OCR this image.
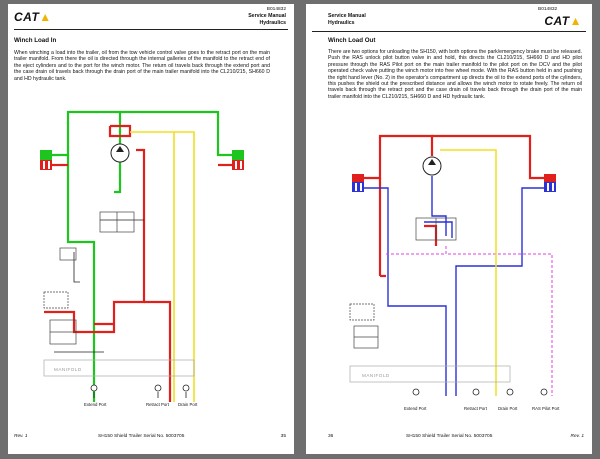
CAT▲
B014832
Service Manual
Hydraulics
Winch Load In
When winching a load into the trailer, oil from the tow vehicle control valve goes to the retract port on the main trailer manifold. From there the oil is directed through the internal galleries of the manifold to the retract end of the eject cylinders and to the port for the winch motor. The return oil travels back through the extend port and the case drain oil travels back through the drain port of the main trailer manifold into the CL210/215, SH660 D and HD hydraulic tank.
MANIFOLD
Extend Port	Retract Port Drain Port
Rev. 1	SH150 Shield Trailer Serial No. 5003705	35
B014832
Service Manual
Hydraulics	CAT▲
Winch Load Out
There are two options for unloading the SH150, with both options the park/emergency brake must be released. Push the RAS unlock pilot button valve in and hold, this directs the CL210/215, SH660 D and HD pilot pressure through the RAS Pilot port on the main trailer manifold to the pilot port on the DCV and the pilot operated check valve putting the winch motor into free wheel mode. With the RAS button held in and pushing the right hand lever (No. 2) in the operator's compartment up directs the oil to the extend ports of the cylinders, this pushes the shield out the prescribed distance and allows the winch motor to rotate freely. The return oil travels back through the retract port and the case drain oil travels back through the drain port of the main trailer manifold into the CL210/215, SH660 D and HD hydraulic tank.
MANIFOLD
Extend Port	Retract Port	Drain Port	RAS Pilot Port
36	SH150 Shield Trailer Serial No. 5003705	Rev. 1
